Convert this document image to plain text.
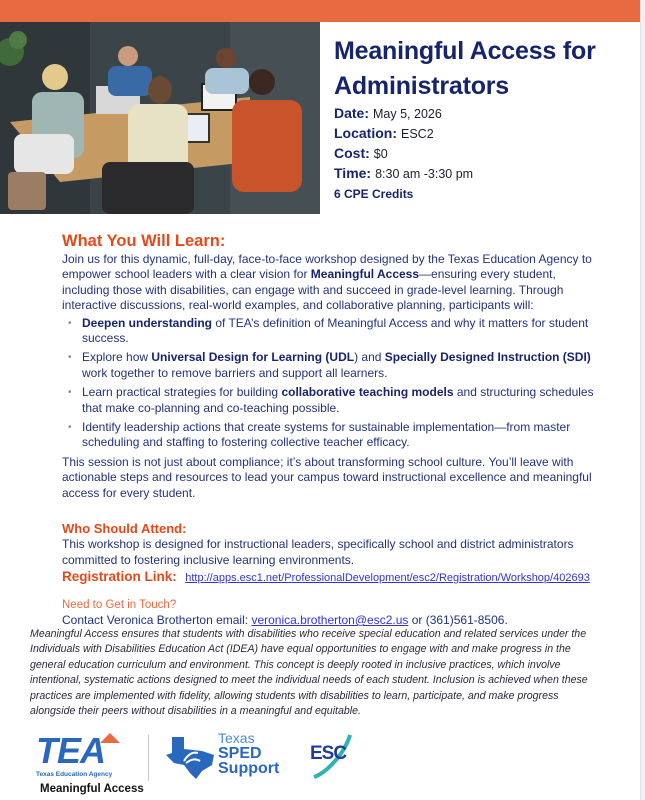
Meaningful Access for
Administrators
Date: May 5, 2026
Location: ESC2
Cost: $0
Time: 8:30 am -3:30 pm
6 CPE Credits
What You Will Learn:

Join us for this dynamic, full-day, face-to-face workshop designed by the Texas Education Agency to empower school leaders with a clear vision for Meaningful Access—ensuring every student, including those with disabilities, can engage with and succeed in grade-level learning. Through interactive discussions, real-world examples, and collaborative planning, participants will:

• Deepen understanding of TEA’s definition of Meaningful Access and why it matters for student success.
• Explore how Universal Design for Learning (UDL) and Specially Designed Instruction (SDI) work together to remove barriers and support all learners.
• Learn practical strategies for building collaborative teaching models and structuring schedules that make co-planning and co-teaching possible.
• Identify leadership actions that create systems for sustainable implementation—from master scheduling and staffing to fostering collective teacher efficacy.

This session is not just about compliance; it’s about transforming school culture. You’ll leave with actionable steps and resources to lead your campus toward instructional excellence and meaningful access for every student.

Who Should Attend:

This workshop is designed for instructional leaders, specifically school and district administrators committed to fostering inclusive learning environments.

Registration Link: http://apps.esc1.net/ProfessionalDevelopment/esc2/Registration/Workshop/402693
Need to Get in Touch?
Contact Veronica Brotherton email: veronica.brotherton@esc2.us or (361)561-8506.

Meaningful Access ensures that students with disabilities who receive special education and related services under the Individuals with Disabilities Education Act (IDEA) have equal opportunities to engage with and make progress in the general education curriculum and environment. This concept is deeply rooted in inclusive practices, which involve intentional, systematic actions designed to meet the individual needs of each student. Inclusion is achieved when these practices are implemented with fidelity, allowing students with disabilities to learn, participate, and make progress alongside their peers without disabilities in a meaningful and equitable.

TEA
Texas Education Agency
Texas
SPED
Support
ESC
Meaningful Access
